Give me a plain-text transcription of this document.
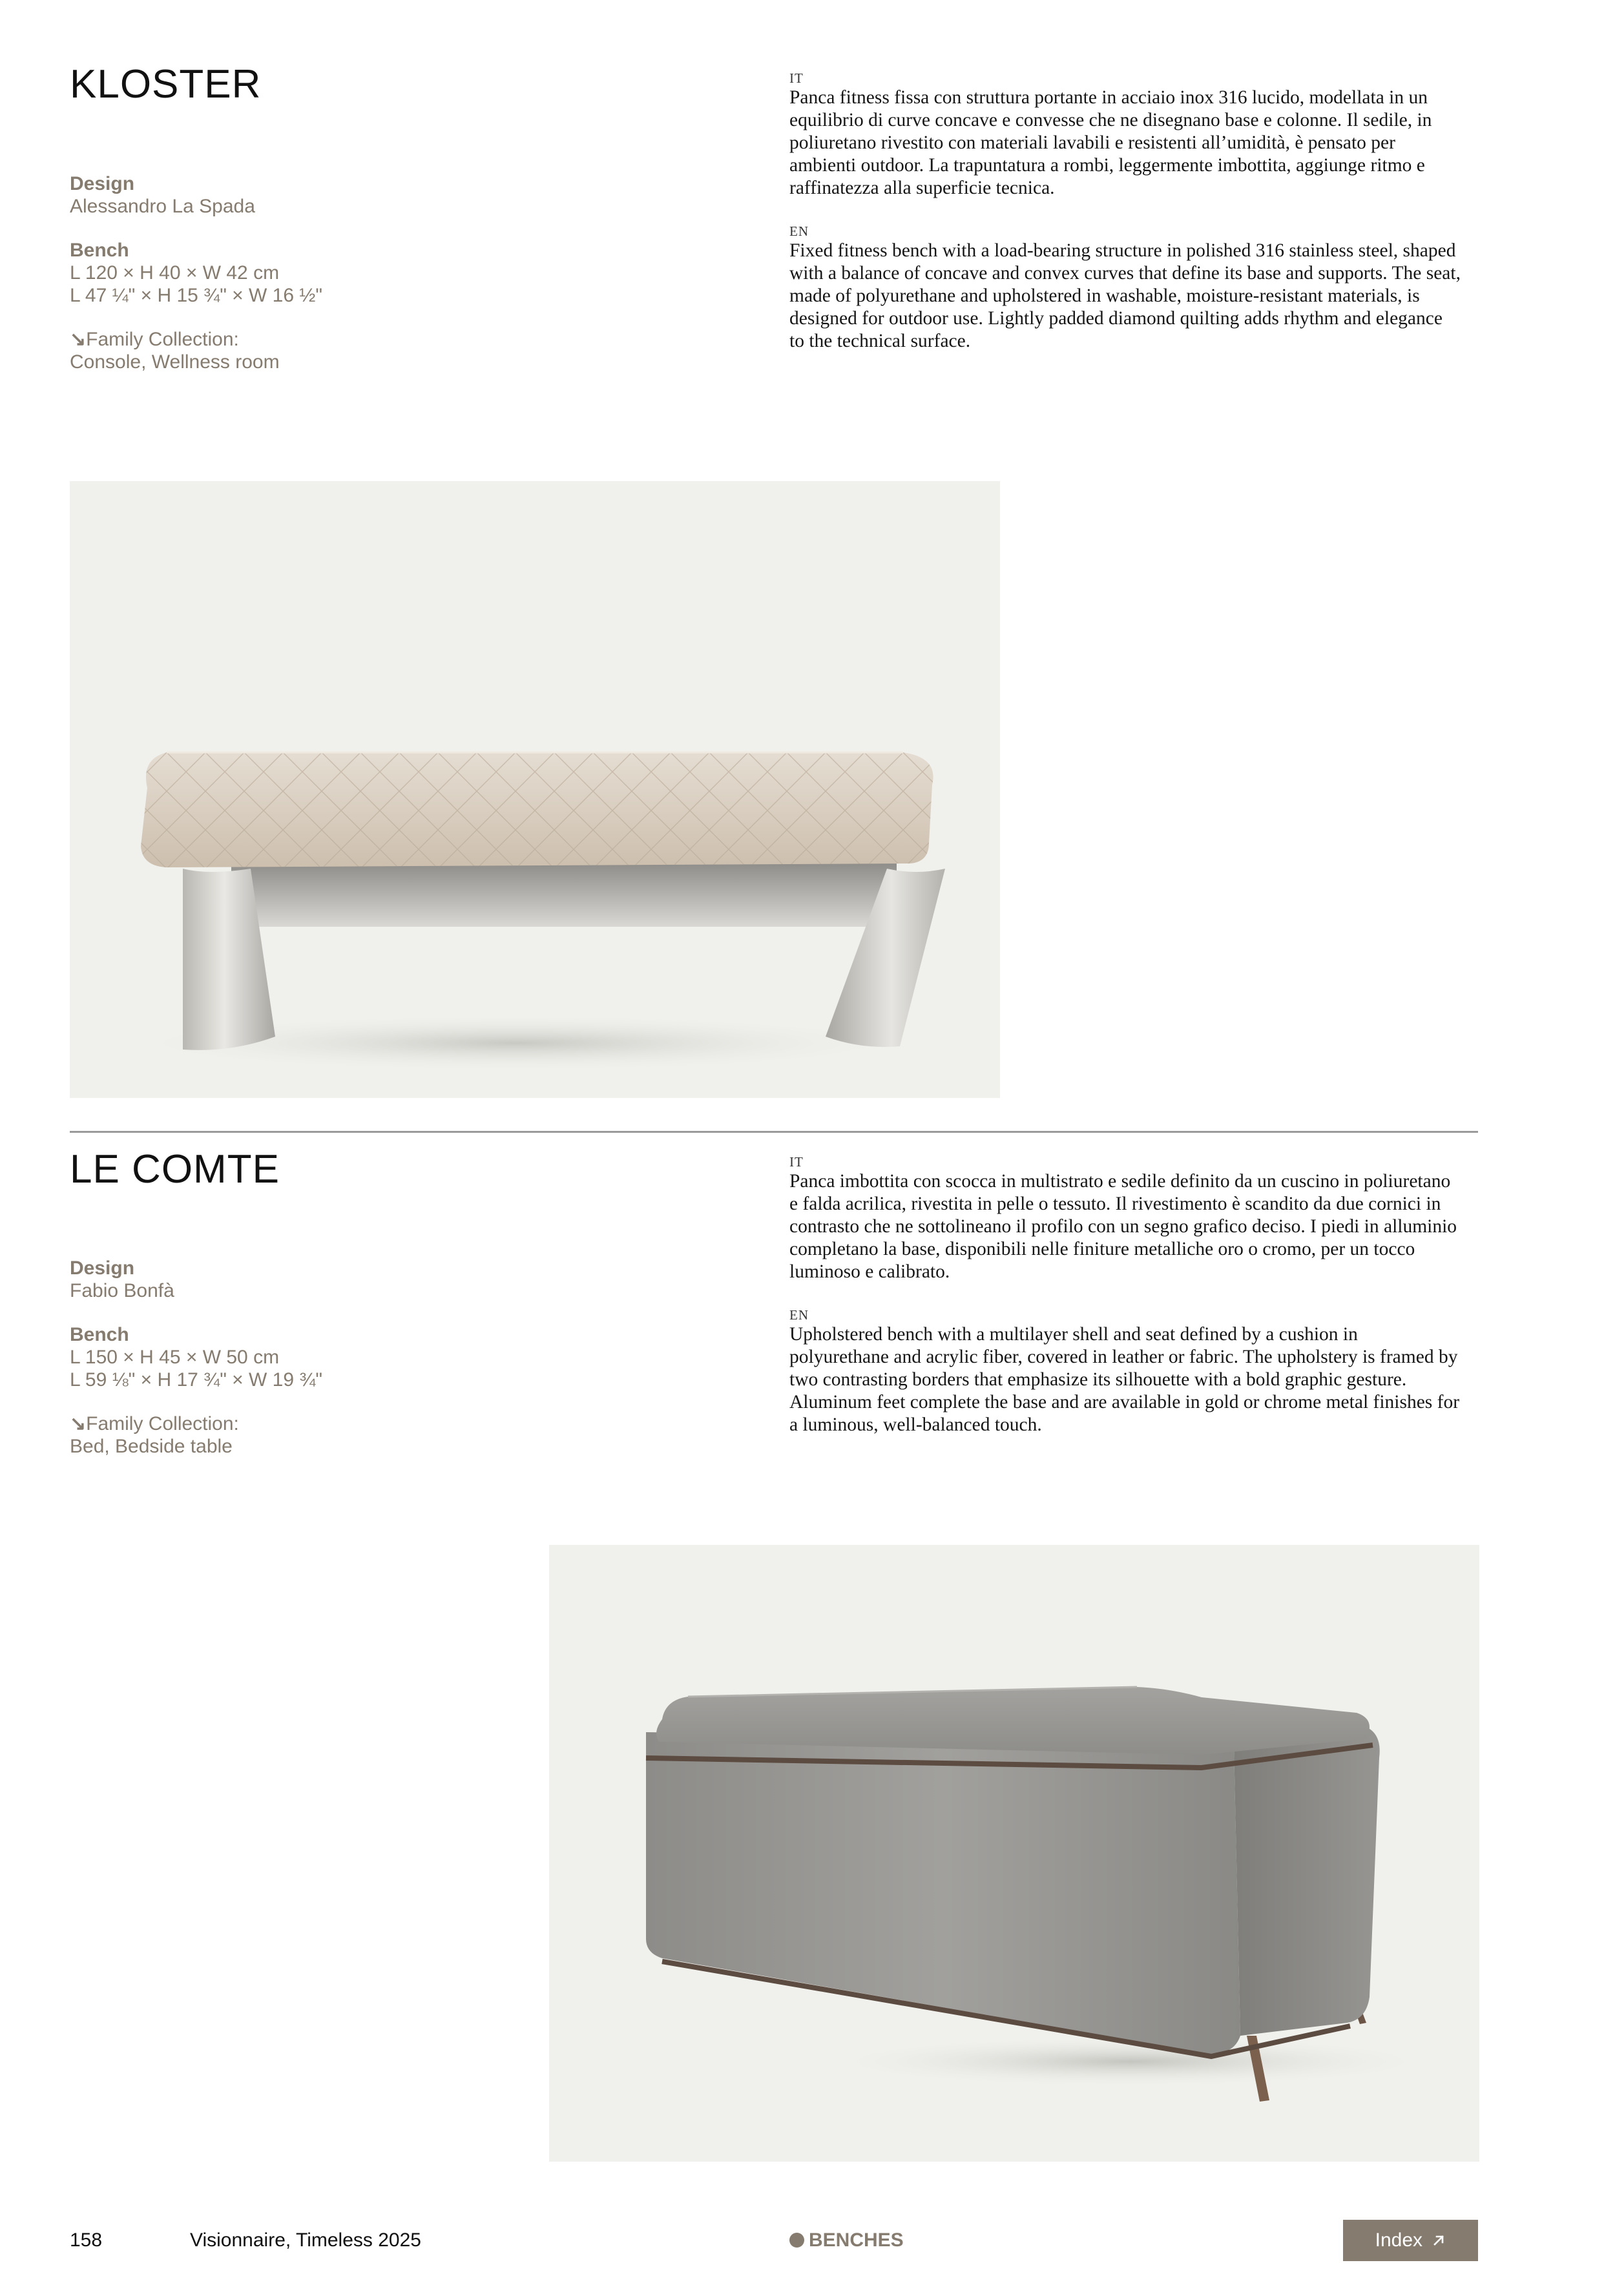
KLOSTER
Design
Alessandro La Spada
Bench
L 120 × H 40 × W 42 cm
L 47 ¼" × H 15 ¾" × W 16 ½"
↘Family Collection:
Console, Wellness room
IT

Panca fitness fissa con struttura portante in acciaio inox 316 lucido, modellata in un equilibrio di curve concave e convesse che ne disegnano base e colonne. Il sedile, in poliuretano rivestito con materiali lavabili e resistenti all’umidità, è pensato per ambienti outdoor. La trapuntatura a rombi, leggermente imbottita, aggiunge ritmo e raffinatezza alla superficie tecnica.

EN

Fixed fitness bench with a load-bearing structure in polished 316 stainless steel, shaped with a balance of concave and convex curves that define its base and supports. The seat, made of polyurethane and upholstered in washable, moisture-resistant materials, is designed for outdoor use. Lightly padded diamond quilting adds rhythm and elegance to the technical surface.

LE COMTE
Design
Fabio Bonfà
Bench
L 150 × H 45 × W 50 cm
L 59 ⅛" × H 17 ¾" × W 19 ¾"
↘Family Collection:
Bed, Bedside table
IT

Panca imbottita con scocca in multistrato e sedile definito da un cuscino in poliuretano e falda acrilica, rivestita in pelle o tessuto. Il rivestimento è scandito da due cornici in contrasto che ne sottolineano il profilo con un segno grafico deciso. I piedi in alluminio completano la base, disponibili nelle finiture metalliche oro o cromo, per un tocco luminoso e calibrato.

EN

Upholstered bench with a multilayer shell and seat defined by a cushion in polyurethane and acrylic fiber, covered in leather or fabric. The upholstery is framed by two contrasting borders that emphasize its silhouette with a bold graphic gesture. Aluminum feet complete the base and are available in gold or chrome metal finishes for a luminous, well-balanced touch.

158	Visionnaire, Timeless 2025	BENCHES	Index
